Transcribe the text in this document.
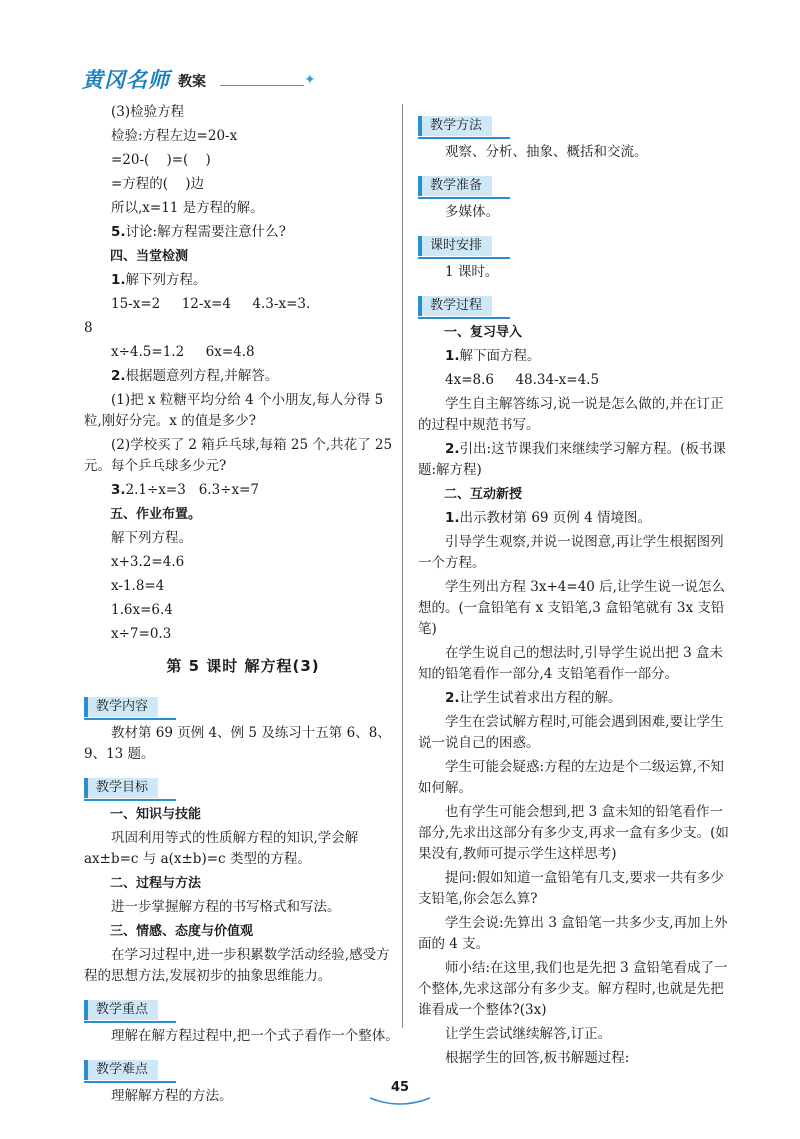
黄冈名师 教案	✦
(3)检验方程
检验:方程左边=20-x
=20-(    )=(    )
=方程的(    )边
所以,x=11 是方程的解。
5.讨论:解方程需要注意什么?
四、当堂检测
1.解下列方程。
15-x=2     12-x=4     4.3-x=3.
8
x÷4.5=1.2     6x=4.8
2.根据题意列方程,并解答。
(1)把 x 粒糖平均分给 4 个小朋友,每人分得 5 粒,刚好分完。x 的值是多少?
(2)学校买了 2 箱乒乓球,每箱 25 个,共花了 25 元。每个乒乓球多少元?
3.2.1÷x=3   6.3÷x=7
五、作业布置。
解下列方程。
x+3.2=4.6
x-1.8=4
1.6x=6.4
x÷7=0.3
第 5 课时 解方程(3)
教学内容
教材第 69 页例 4、例 5 及练习十五第 6、8、9、13 题。
教学目标
一、知识与技能
巩固利用等式的性质解方程的知识,学会解 ax±b=c 与 a(x±b)=c 类型的方程。
二、过程与方法
进一步掌握解方程的书写格式和写法。
三、情感、态度与价值观
在学习过程中,进一步积累数学活动经验,感受方程的思想方法,发展初步的抽象思维能力。
教学重点
理解在解方程过程中,把一个式子看作一个整体。
教学难点
理解解方程的方法。
教学方法
观察、分析、抽象、概括和交流。
教学准备
多媒体。
课时安排
1 课时。
教学过程
一、复习导入
1.解下面方程。
4x=8.6     48.34-x=4.5
学生自主解答练习,说一说是怎么做的,并在订正的过程中规范书写。
2.引出:这节课我们来继续学习解方程。(板书课题:解方程)
二、互动新授
1.出示教材第 69 页例 4 情境图。
引导学生观察,并说一说图意,再让学生根据图列一个方程。
学生列出方程 3x+4=40 后,让学生说一说怎么想的。(一盒铅笔有 x 支铅笔,3 盒铅笔就有 3x 支铅笔)
在学生说自己的想法时,引导学生说出把 3 盒未知的铅笔看作一部分,4 支铅笔看作一部分。
2.让学生试着求出方程的解。
学生在尝试解方程时,可能会遇到困难,要让学生说一说自己的困惑。
学生可能会疑惑:方程的左边是个二级运算,不知如何解。
也有学生可能会想到,把 3 盒未知的铅笔看作一部分,先求出这部分有多少支,再求一盒有多少支。(如果没有,教师可提示学生这样思考)
提问:假如知道一盒铅笔有几支,要求一共有多少支铅笔,你会怎么算?
学生会说:先算出 3 盒铅笔一共多少支,再加上外面的 4 支。
师小结:在这里,我们也是先把 3 盒铅笔看成了一个整体,先求这部分有多少支。解方程时,也就是先把谁看成一个整体?(3x)
让学生尝试继续解答,订正。
根据学生的回答,板书解题过程:
45
